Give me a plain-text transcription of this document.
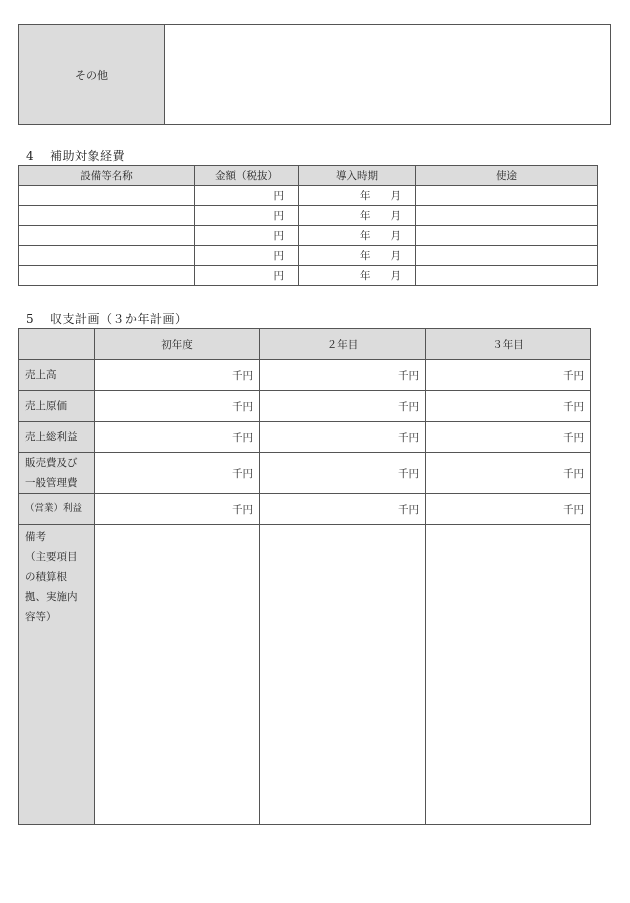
その他	
4 補助対象経費
設備等名称	金額（税抜）	導入時期	使途
	円	年 月	
	円	年 月	
	円	年 月	
	円	年 月	
	円	年 月	
5 収支計画（３か年計画）
	初年度	２年目	３年目
売上高	千円	千円	千円
売上原価	千円	千円	千円
売上総利益	千円	千円	千円

販売費及び
一般管理費	千円	千円	千円
（営業）利益	千円	千円	千円

備考
（主要項目
の積算根
拠、実施内
容等）			
